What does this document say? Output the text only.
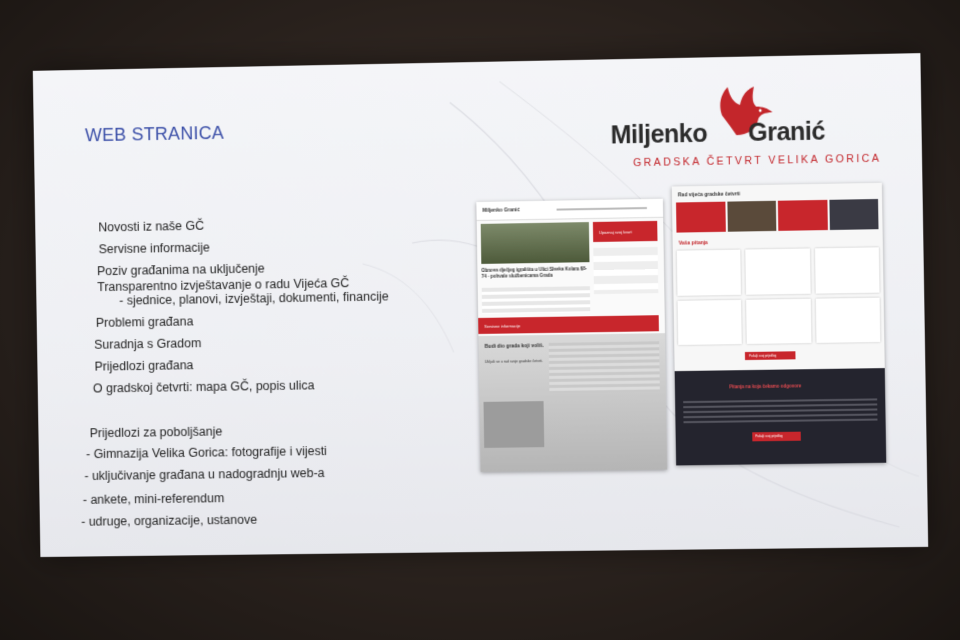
WEB STRANICA
Novosti iz naše GČ
Servisne informacije
Poziv građanima na uključenje
Transparentno izvještavanje o radu Vijeća GČ
- sjednice, planovi, izvještaji, dokumenti, financije
Problemi građana
Suradnja s Gradom
Prijedlozi građana
O gradskoj četvrti: mapa GČ, popis ulica
Prijedlozi za poboljšanje
- Gimnazija Velika Gorica: fotografije i vijesti
- uključivanje građana u nadogradnju web-a
- ankete, mini-referendum
- udruge, organizacije, ustanove
Miljenko Granić
GRADSKA ČETVRT VELIKA GORICA
Miljenko Granić
Upoznaj svoj kvart
Obnova dječjeg igrališta u Ulici Slavka Kolara 68-74 - pohvale službenicama Grada
Servisne informacije
Budi dio grada koji voliš.
Uključi se u rad svoje gradske četvrti.
Rad vijeća gradske četvrti
Vaša pitanja
Pošalji svoj prijedlog
Pitanja na koja čekamo odgovore
Pošalji svoj prijedlog
